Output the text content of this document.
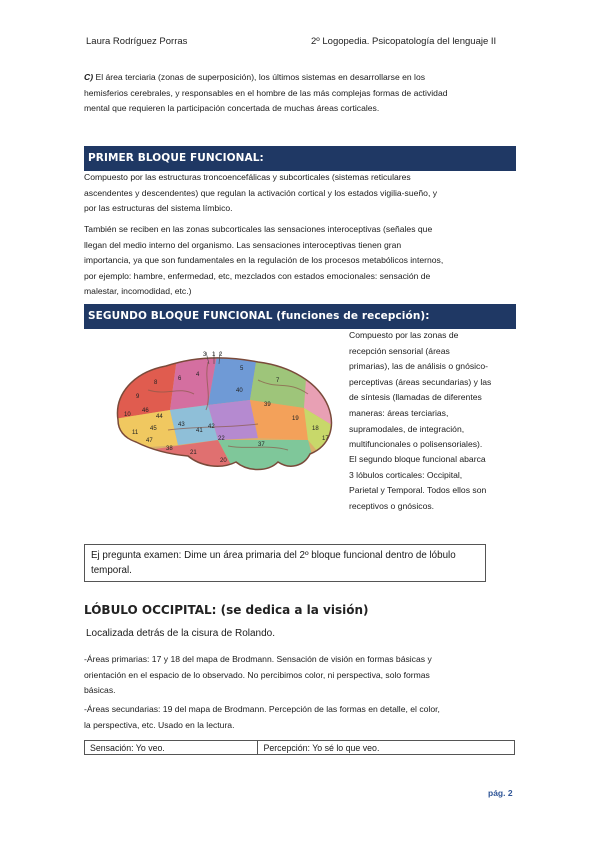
Laura Rodríguez Porras	2º Logopedia. Psicopatología del lenguaje II
C) El área terciaria (zonas de superposición), los últimos sistemas en desarrollarse en los
hemisferios cerebrales, y responsables en el hombre de las más complejas formas de actividad
mental que requieren la participación concertada de muchas áreas corticales.
PRIMER BLOQUE FUNCIONAL:
Compuesto por las estructuras troncoencefálicas y subcorticales (sistemas reticulares
ascendentes y descendentes) que regulan la activación cortical y los estados vigilia-sueño, y
por las estructuras del sistema límbico.
También se reciben en las zonas subcorticales las sensaciones interoceptivas (señales que
llegan del medio interno del organismo. Las sensaciones interoceptivas tienen gran
importancia, ya que son fundamentales en la regulación de los procesos metabólicos internos,
por ejemplo: hambre, enfermedad, etc, mezclados con estados emocionales: sensación de
malestar, incomodidad, etc.)
SEGUNDO BLOQUE FUNCIONAL (funciones de recepción):
3 1 2
4
6
8
9
10
11
44
45
46
47
43
40
39
41
42
22
21
20
37
19
18
17
5
7
38
Compuesto por las zonas de
recepción sensorial (áreas
primarias), las de análisis o gnósico-
perceptivas (áreas secundarias) y las
de síntesis (llamadas de diferentes
maneras: áreas terciarias,
supramodales, de integración,
multifuncionales o polisensoriales).
El segundo bloque funcional abarca
3 lóbulos corticales: Occipital,
Parietal y Temporal. Todos ellos son
receptivos o gnósicos.
Ej pregunta examen: Dime un área primaria del 2º bloque funcional dentro de lóbulo
temporal.
LÓBULO OCCIPITAL: (se dedica a la visión)
Localizada detrás de la cisura de Rolando.
-Áreas primarias: 17 y 18 del mapa de Brodmann. Sensación de visión en formas básicas y
orientación en el espacio de lo observado. No percibimos color, ni perspectiva, solo formas
básicas.
-Áreas secundarias: 19 del mapa de Brodmann. Percepción de las formas en detalle, el color,
la perspectiva, etc. Usado en la lectura.
Sensación: Yo veo.	Percepción: Yo sé lo que veo.
pág. 2
